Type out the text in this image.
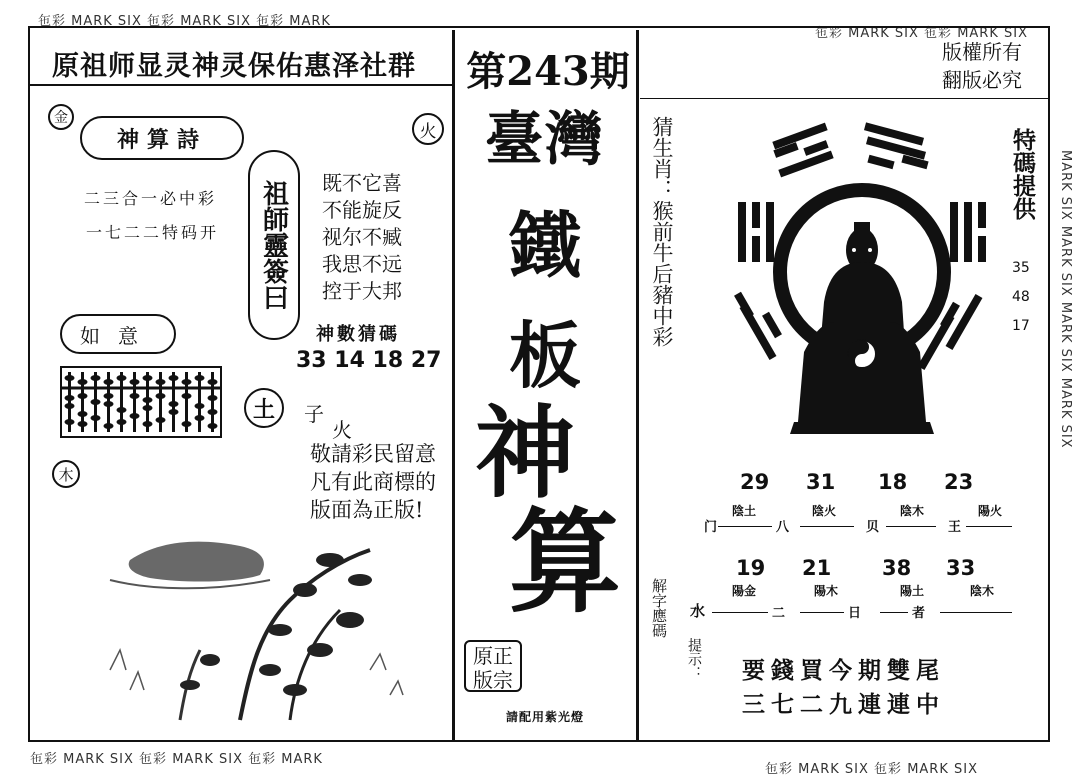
㐌彩 MARK SIX 㐌彩 MARK SIX 㐌彩 MARK
㐌彩 MARK SIX 㐌彩 MARK SIX
㐌彩 MARK SIX 㐌彩 MARK SIX 㐌彩 MARK
㐌彩 MARK SIX 㐌彩 MARK SIX
MARK SIX MARK SIX MARK SIX MARK SIX
原祖师显灵神灵保佑惠泽社群 第243期	版權所有
翻版必究
金
火
神算詩
二三合一必中彩
一七二二特码开	祖師靈簽曰	既不它喜
不能旋反
视尔不臧
我思不远
控于大邦
如意	神數猜碼
33 14 18 27
土	子
木
火
敬請彩民留意
凡有此商標的
版面為正版!
臺灣
鐵
板
神
算
原正
版宗
請配用紫光燈
猜生肖：猴前牛后豬中彩	特碼提供
35
48
17
29 31 18 23
陰土	陰火	陰木	陽火
门	八	贝	王
19 21 38 33
陽金	陽木	陽土	陰木
水	二	日	者
解字應碼
提示： 要錢買今期雙尾
三七二九連連中
